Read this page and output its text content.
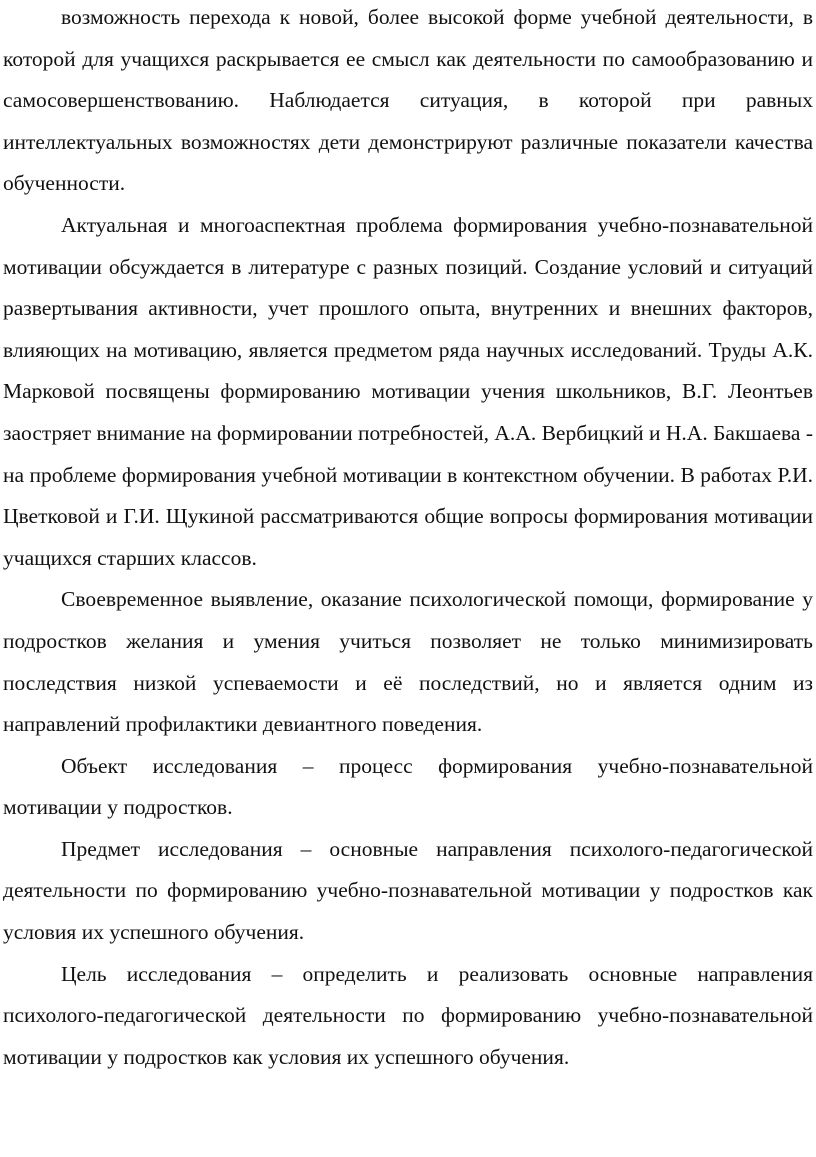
возможность перехода к новой, более высокой форме учебной деятельности, в которой для учащихся раскрывается ее смысл как деятельности по самообразованию и самосовершенствованию. Наблюдается ситуация, в которой при равных интеллектуальных возможностях дети демонстрируют различные показатели качества обученности.

Актуальная и многоаспектная проблема формирования учебно-познавательной мотивации обсуждается в литературе с разных позиций. Создание условий и ситуаций развертывания активности, учет прошлого опыта, внутренних и внешних факторов, влияющих на мотивацию, является предметом ряда научных исследований. Труды А.К. Марковой посвящены формированию мотивации учения школьников, В.Г. Леонтьев заостряет внимание на формировании потребностей, А.А. Вербицкий и Н.А. Бакшаева - на проблеме формирования учебной мотивации в контекстном обучении. В работах Р.И. Цветковой и Г.И. Щукиной рассматриваются общие вопросы формирования мотивации учащихся старших классов.

Своевременное выявление, оказание психологической помощи, формирование у подростков желания и умения учиться позволяет не только минимизировать последствия низкой успеваемости и её последствий, но и является одним из направлений профилактики девиантного поведения.

Объект исследования – процесс формирования учебно-познавательной мотивации у подростков.

Предмет исследования – основные направления психолого-педагогической деятельности по формированию учебно-познавательной мотивации у подростков как условия их успешного обучения.

Цель исследования – определить и реализовать основные направления психолого-педагогической деятельности по формированию учебно-познавательной мотивации у подростков как условия их успешного обучения.
